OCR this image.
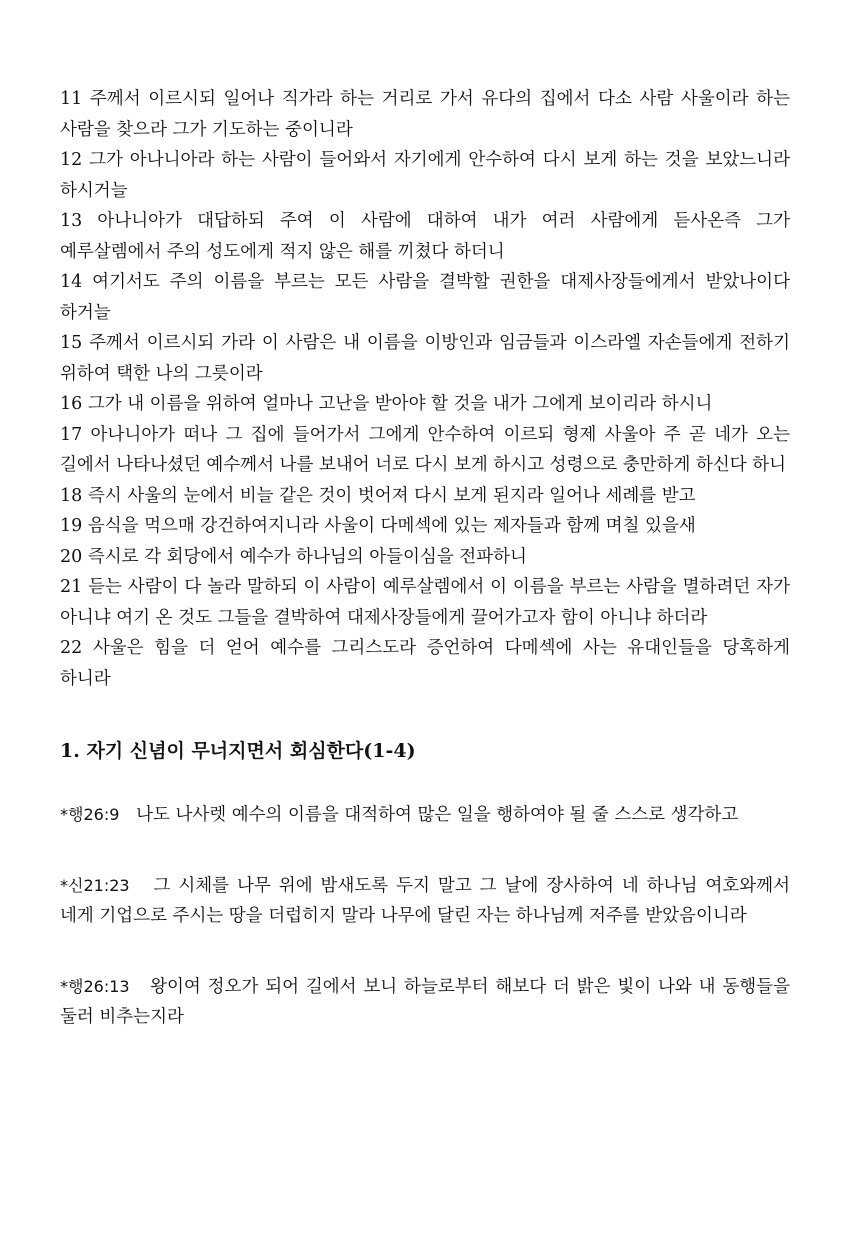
11 주께서 이르시되 일어나 직가라 하는 거리로 가서 유다의 집에서 다소 사람 사울이라 하는 사람을 찾으라 그가 기도하는 중이니라

12 그가 아나니아라 하는 사람이 들어와서 자기에게 안수하여 다시 보게 하는 것을 보았느니라 하시거늘

13 아나니아가 대답하되 주여 이 사람에 대하여 내가 여러 사람에게 듣사온즉 그가 예루살렘에서 주의 성도에게 적지 않은 해를 끼쳤다 하더니

14 여기서도 주의 이름을 부르는 모든 사람을 결박할 권한을 대제사장들에게서 받았나이다 하거늘

15 주께서 이르시되 가라 이 사람은 내 이름을 이방인과 임금들과 이스라엘 자손들에게 전하기 위하여 택한 나의 그릇이라

16 그가 내 이름을 위하여 얼마나 고난을 받아야 할 것을 내가 그에게 보이리라 하시니

17 아나니아가 떠나 그 집에 들어가서 그에게 안수하여 이르되 형제 사울아 주 곧 네가 오는 길에서 나타나셨던 예수께서 나를 보내어 너로 다시 보게 하시고 성령으로 충만하게 하신다 하니

18 즉시 사울의 눈에서 비늘 같은 것이 벗어져 다시 보게 된지라 일어나 세례를 받고

19 음식을 먹으매 강건하여지니라 사울이 다메섹에 있는 제자들과 함께 며칠 있을새

20 즉시로 각 회당에서 예수가 하나님의 아들이심을 전파하니

21 듣는 사람이 다 놀라 말하되 이 사람이 예루살렘에서 이 이름을 부르는 사람을 멸하려던 자가 아니냐 여기 온 것도 그들을 결박하여 대제사장들에게 끌어가고자 함이 아니냐 하더라

22 사울은 힘을 더 얻어 예수를 그리스도라 증언하여 다메섹에 사는 유대인들을 당혹하게 하니라

1. 자기 신념이 무너지면서 회심한다(1-4)

*행26:9 나도 나사렛 예수의 이름을 대적하여 많은 일을 행하여야 될 줄 스스로 생각하고

*신21:23 그 시체를 나무 위에 밤새도록 두지 말고 그 날에 장사하여 네 하나님 여호와께서 네게 기업으로 주시는 땅을 더럽히지 말라 나무에 달린 자는 하나님께 저주를 받았음이니라

*행26:13 왕이여 정오가 되어 길에서 보니 하늘로부터 해보다 더 밝은 빛이 나와 내 동행들을 둘러 비추는지라
